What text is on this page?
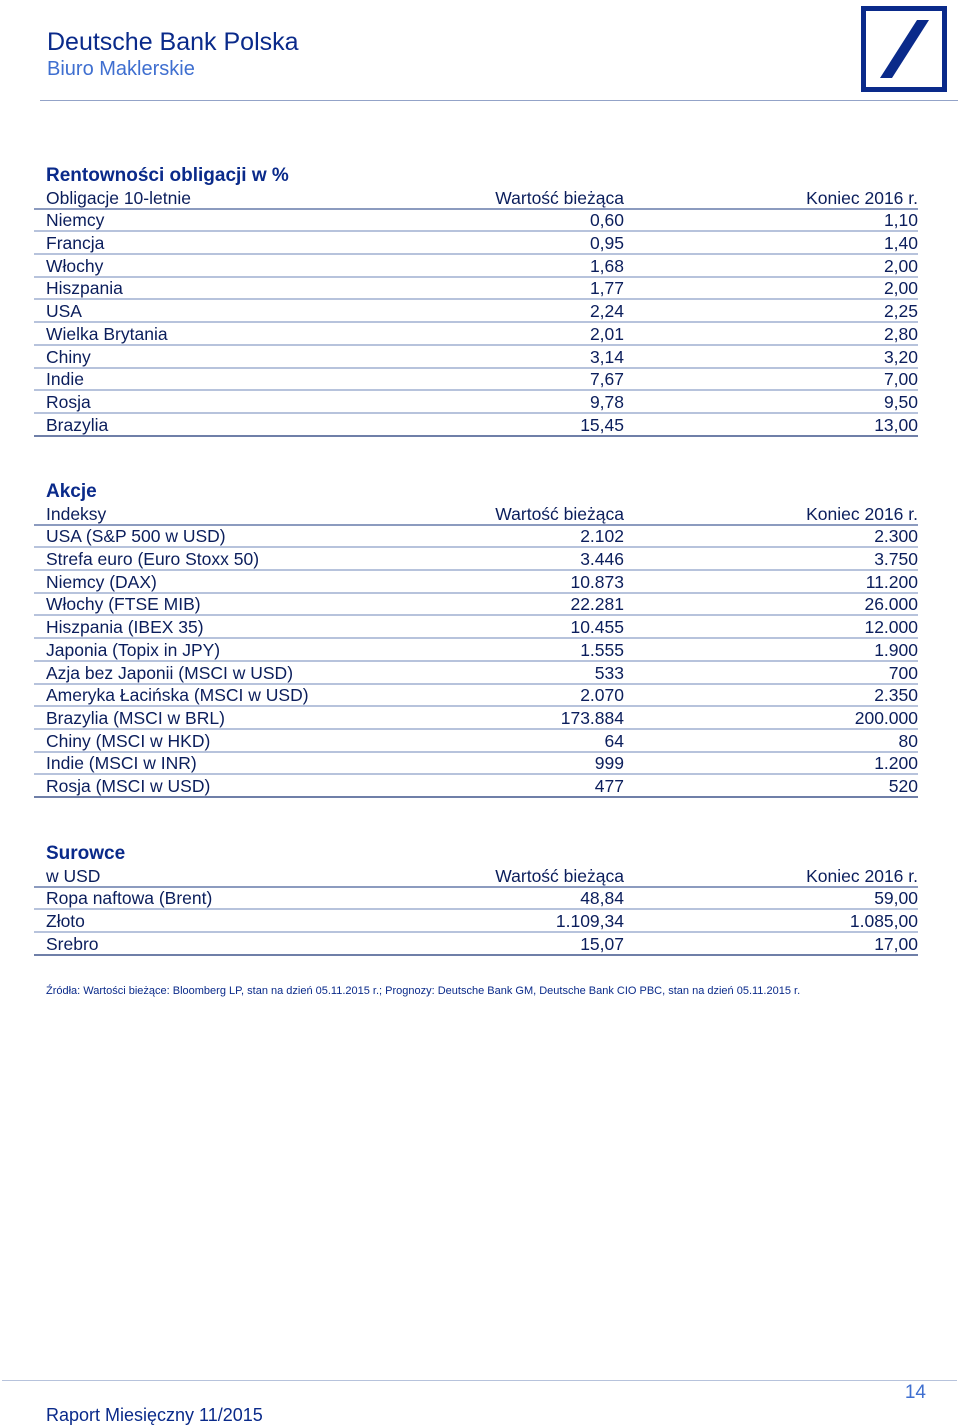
Deutsche Bank Polska
Biuro Maklerskie
Rentowności obligacji w %
Obligacje 10-letnie	Wartość bieżąca	Koniec 2016 r.
Niemcy	0,60	1,10
Francja	0,95	1,40
Włochy	1,68	2,00
Hiszpania	1,77	2,00
USA	2,24	2,25
Wielka Brytania	2,01	2,80
Chiny	3,14	3,20
Indie	7,67	7,00
Rosja	9,78	9,50
Brazylia	15,45	13,00
Akcje
Indeksy	Wartość bieżąca	Koniec 2016 r.
USA (S&P 500 w USD)	2.102	2.300
Strefa euro (Euro Stoxx 50)	3.446	3.750
Niemcy (DAX)	10.873	11.200
Włochy (FTSE MIB)	22.281	26.000
Hiszpania (IBEX 35)	10.455	12.000
Japonia (Topix in JPY)	1.555	1.900
Azja bez Japonii (MSCI w USD)	533	700
Ameryka Łacińska (MSCI w USD)	2.070	2.350
Brazylia (MSCI w BRL)	173.884	200.000
Chiny (MSCI w HKD)	64	80
Indie (MSCI w INR)	999	1.200
Rosja (MSCI w USD)	477	520
Surowce
w USD	Wartość bieżąca	Koniec 2016 r.
Ropa naftowa (Brent)	48,84	59,00
Złoto	1.109,34	1.085,00
Srebro	15,07	17,00
Źródła: Wartości bieżące: Bloomberg LP, stan na dzień 05.11.2015 r.; Prognozy: Deutsche Bank GM, Deutsche Bank CIO PBC, stan na dzień 05.11.2015 r.
14
Raport Miesięczny 11/2015
